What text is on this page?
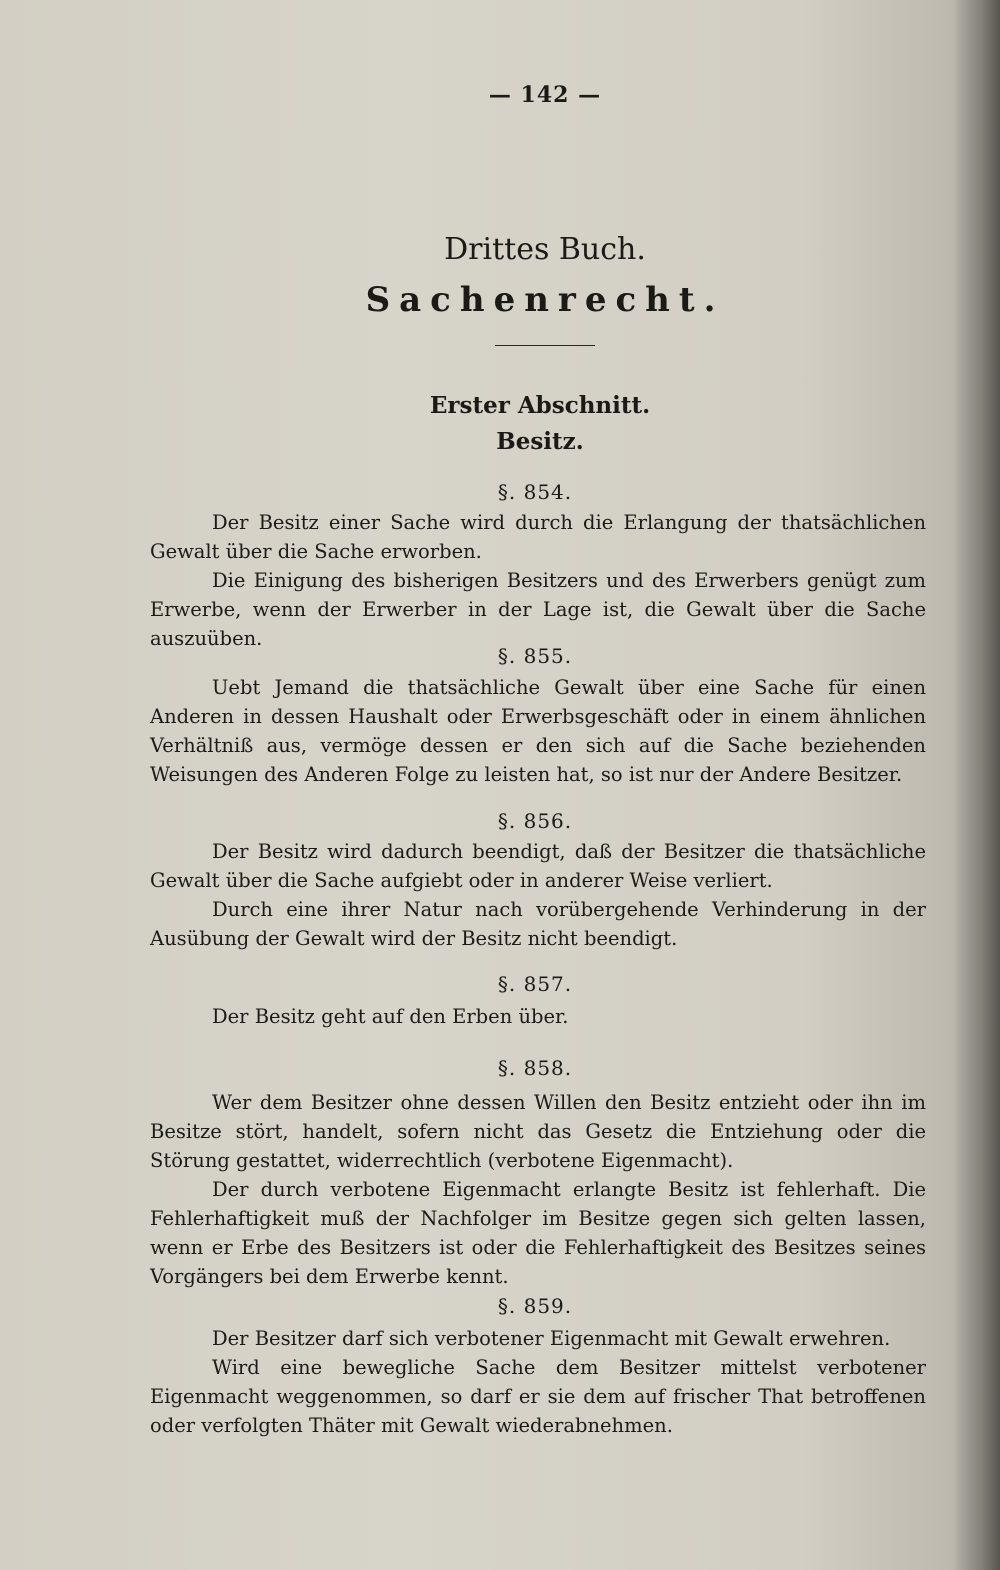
— 142 —
Drittes Buch.
Sachenrecht.
Erster Abschnitt.
Besitz.
§. 854.

Der Besitz einer Sache wird durch die Erlangung der thatsächlichen Gewalt über die Sache erworben.

Die Einigung des bisherigen Besitzers und des Erwerbers genügt zum Erwerbe, wenn der Erwerber in der Lage ist, die Gewalt über die Sache auszuüben.

§. 855.

Uebt Jemand die thatsächliche Gewalt über eine Sache für einen Anderen in dessen Haushalt oder Erwerbsgeschäft oder in einem ähnlichen Verhältniß aus, vermöge dessen er den sich auf die Sache beziehenden Weisungen des Anderen Folge zu leisten hat, so ist nur der Andere Besitzer.

§. 856.

Der Besitz wird dadurch beendigt, daß der Besitzer die thatsächliche Gewalt über die Sache aufgiebt oder in anderer Weise verliert.

Durch eine ihrer Natur nach vorübergehende Verhinderung in der Ausübung der Gewalt wird der Besitz nicht beendigt.

§. 857.

Der Besitz geht auf den Erben über.

§. 858.

Wer dem Besitzer ohne dessen Willen den Besitz entzieht oder ihn im Besitze stört, handelt, sofern nicht das Gesetz die Entziehung oder die Störung gestattet, widerrechtlich (verbotene Eigenmacht).

Der durch verbotene Eigenmacht erlangte Besitz ist fehlerhaft. Die Fehlerhaftigkeit muß der Nachfolger im Besitze gegen sich gelten lassen, wenn er Erbe des Besitzers ist oder die Fehlerhaftigkeit des Besitzes seines Vorgängers bei dem Erwerbe kennt.

§. 859.

Der Besitzer darf sich verbotener Eigenmacht mit Gewalt erwehren.

Wird eine bewegliche Sache dem Besitzer mittelst verbotener Eigenmacht weggenommen, so darf er sie dem auf frischer That betroffenen oder verfolgten Thäter mit Gewalt wiederabnehmen.
